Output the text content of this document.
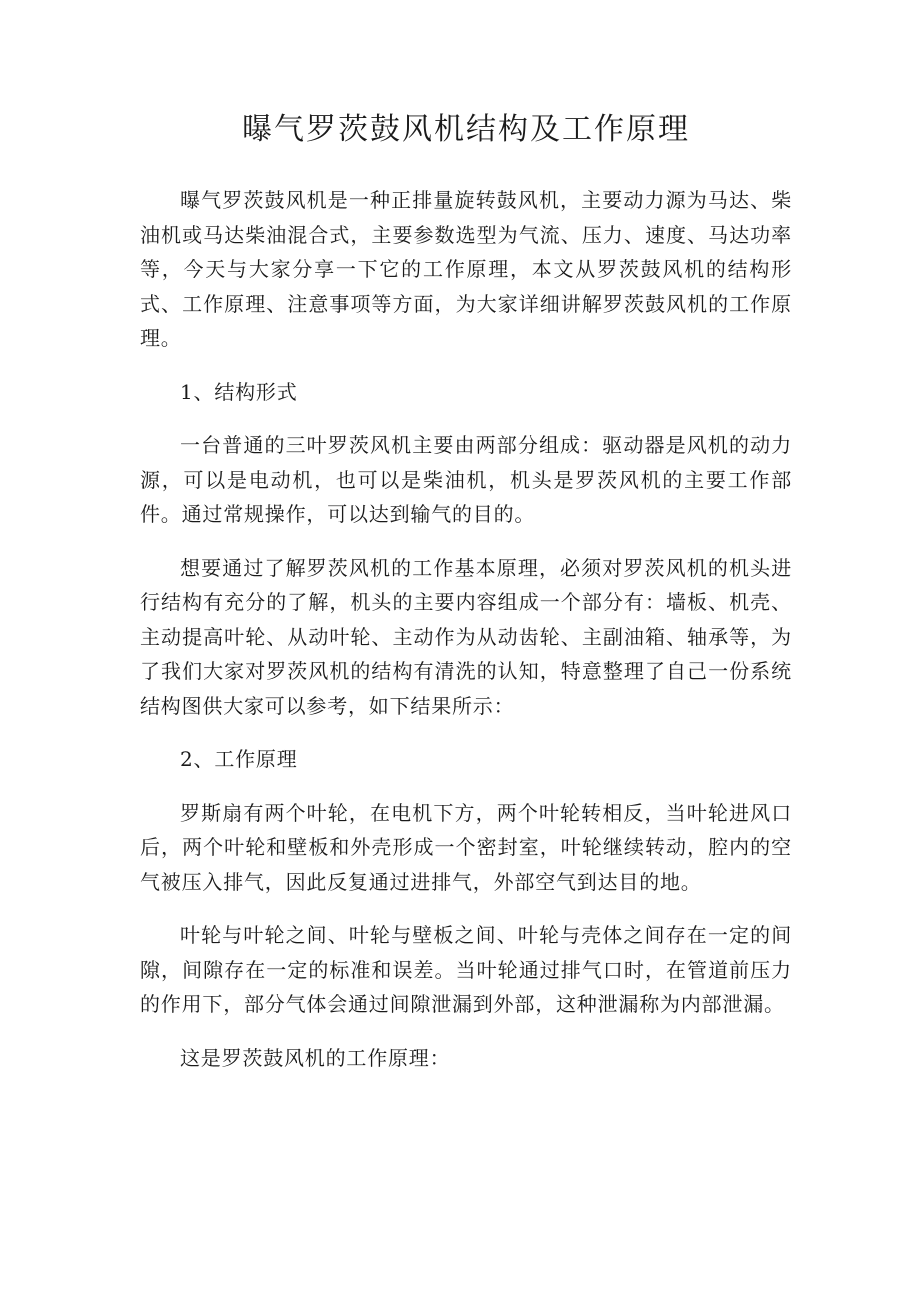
曝气罗茨鼓风机结构及工作原理

曝气罗茨鼓风机是一种正排量旋转鼓风机，主要动力源为马达、柴油机或马达柴油混合式，主要参数选型为气流、压力、速度、马达功率等，今天与大家分享一下它的工作原理，本文从罗茨鼓风机的结构形式、工作原理、注意事项等方面，为大家详细讲解罗茨鼓风机的工作原理。

1、结构形式

一台普通的三叶罗茨风机主要由两部分组成：驱动器是风机的动力源，可以是电动机，也可以是柴油机，机头是罗茨风机的主要工作部件。通过常规操作，可以达到输气的目的。

想要通过了解罗茨风机的工作基本原理，必须对罗茨风机的机头进行结构有充分的了解，机头的主要内容组成一个部分有：墙板、机壳、主动提高叶轮、从动叶轮、主动作为从动齿轮、主副油箱、轴承等，为了我们大家对罗茨风机的结构有清洗的认知，特意整理了自己一份系统结构图供大家可以参考，如下结果所示：

2、工作原理

罗斯扇有两个叶轮，在电机下方，两个叶轮转相反，当叶轮进风口后，两个叶轮和壁板和外壳形成一个密封室，叶轮继续转动，腔内的空气被压入排气，因此反复通过进排气，外部空气到达目的地。

叶轮与叶轮之间、叶轮与壁板之间、叶轮与壳体之间存在一定的间隙，间隙存在一定的标准和误差。当叶轮通过排气口时，在管道前压力的作用下，部分气体会通过间隙泄漏到外部，这种泄漏称为内部泄漏。

这是罗茨鼓风机的工作原理：
